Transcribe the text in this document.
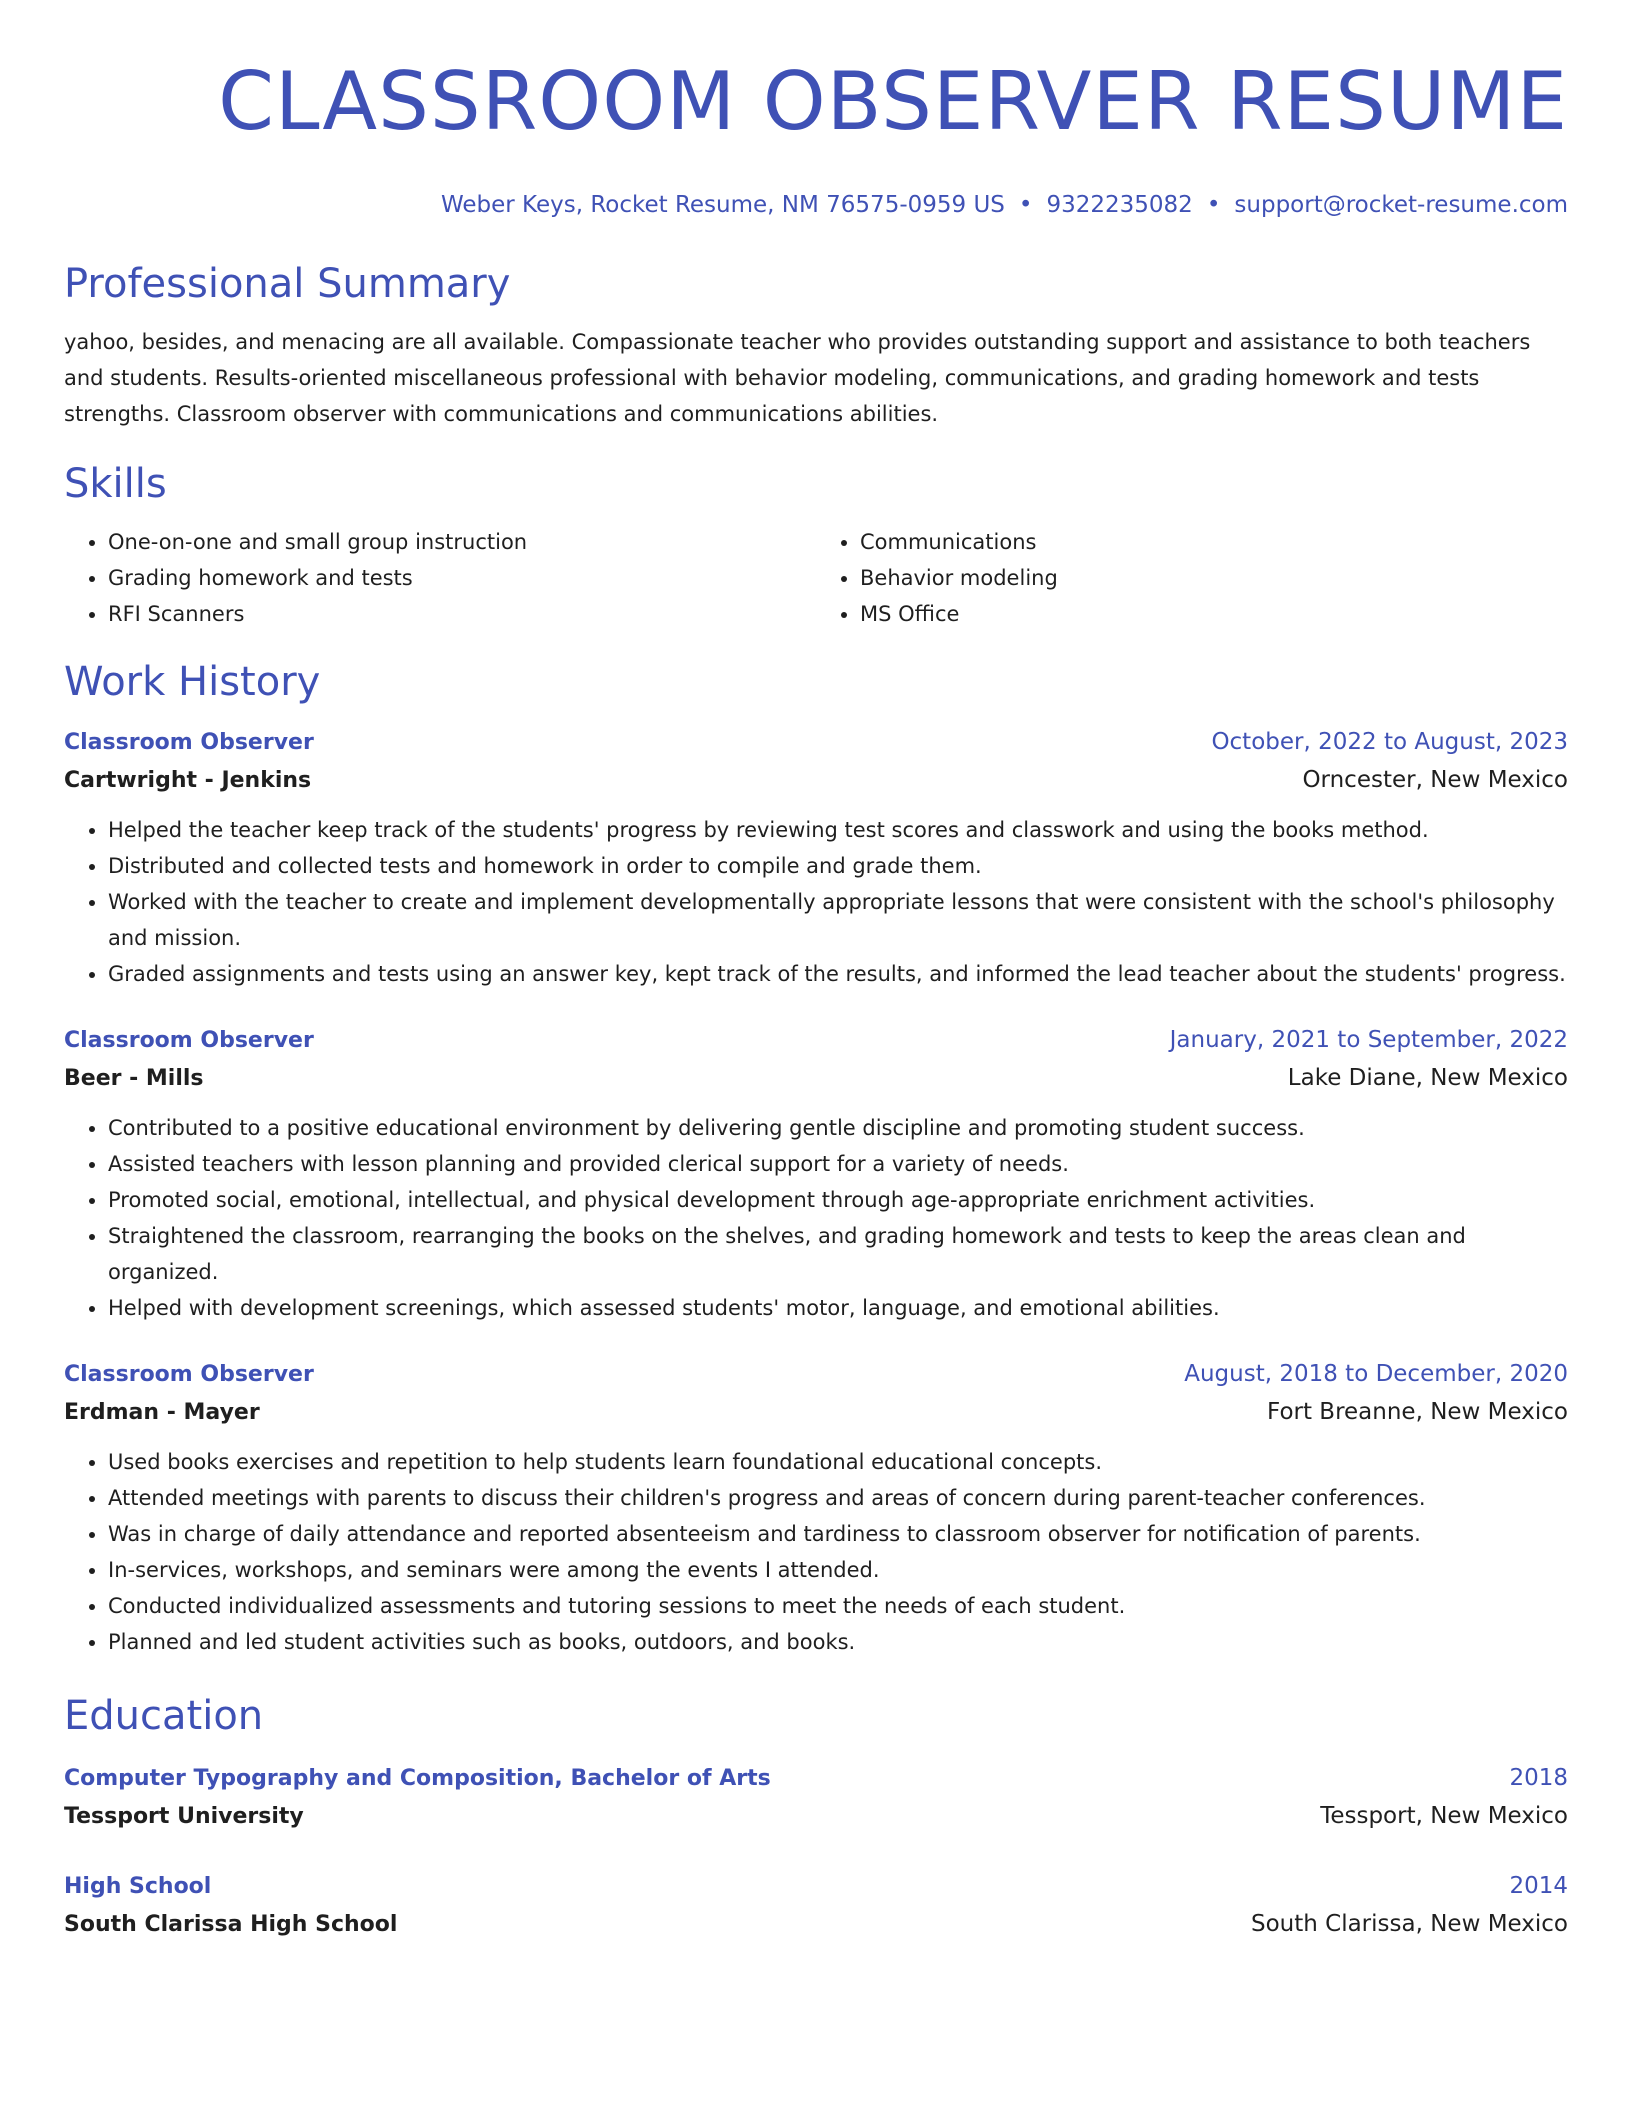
CLASSROOM OBSERVER RESUME
Weber Keys, Rocket Resume, NM 76575-0959 US • 9322235082 • support@rocket-resume.com
Professional Summary

yahoo, besides, and menacing are all available. Compassionate teacher who provides outstanding support and assistance to both teachers and students. Results-oriented miscellaneous professional with behavior modeling, communications, and grading homework and tests strengths. Classroom observer with communications and communications abilities.

Skills
• One-on-one and small group instruction
• Grading homework and tests
• RFI Scanners
• Communications
• Behavior modeling
• MS Office
Work History
Classroom Observer	October, 2022 to August, 2023
Cartwright - Jenkins	Orncester, New Mexico
• Helped the teacher keep track of the students' progress by reviewing test scores and classwork and using the books method.
• Distributed and collected tests and homework in order to compile and grade them.
• Worked with the teacher to create and implement developmentally appropriate lessons that were consistent with the school's philosophy and mission.
• Graded assignments and tests using an answer key, kept track of the results, and informed the lead teacher about the students' progress.
Classroom Observer	January, 2021 to September, 2022
Beer - Mills	Lake Diane, New Mexico
• Contributed to a positive educational environment by delivering gentle discipline and promoting student success.
• Assisted teachers with lesson planning and provided clerical support for a variety of needs.
• Promoted social, emotional, intellectual, and physical development through age-appropriate enrichment activities.
• Straightened the classroom, rearranging the books on the shelves, and grading homework and tests to keep the areas clean and organized.
• Helped with development screenings, which assessed students' motor, language, and emotional abilities.
Classroom Observer	August, 2018 to December, 2020
Erdman - Mayer	Fort Breanne, New Mexico
• Used books exercises and repetition to help students learn foundational educational concepts.
• Attended meetings with parents to discuss their children's progress and areas of concern during parent-teacher conferences.
• Was in charge of daily attendance and reported absenteeism and tardiness to classroom observer for notification of parents.
• In-services, workshops, and seminars were among the events I attended.
• Conducted individualized assessments and tutoring sessions to meet the needs of each student.
• Planned and led student activities such as books, outdoors, and books.
Education
Computer Typography and Composition, Bachelor of Arts	2018
Tessport University	Tessport, New Mexico
High School	2014
South Clarissa High School	South Clarissa, New Mexico
